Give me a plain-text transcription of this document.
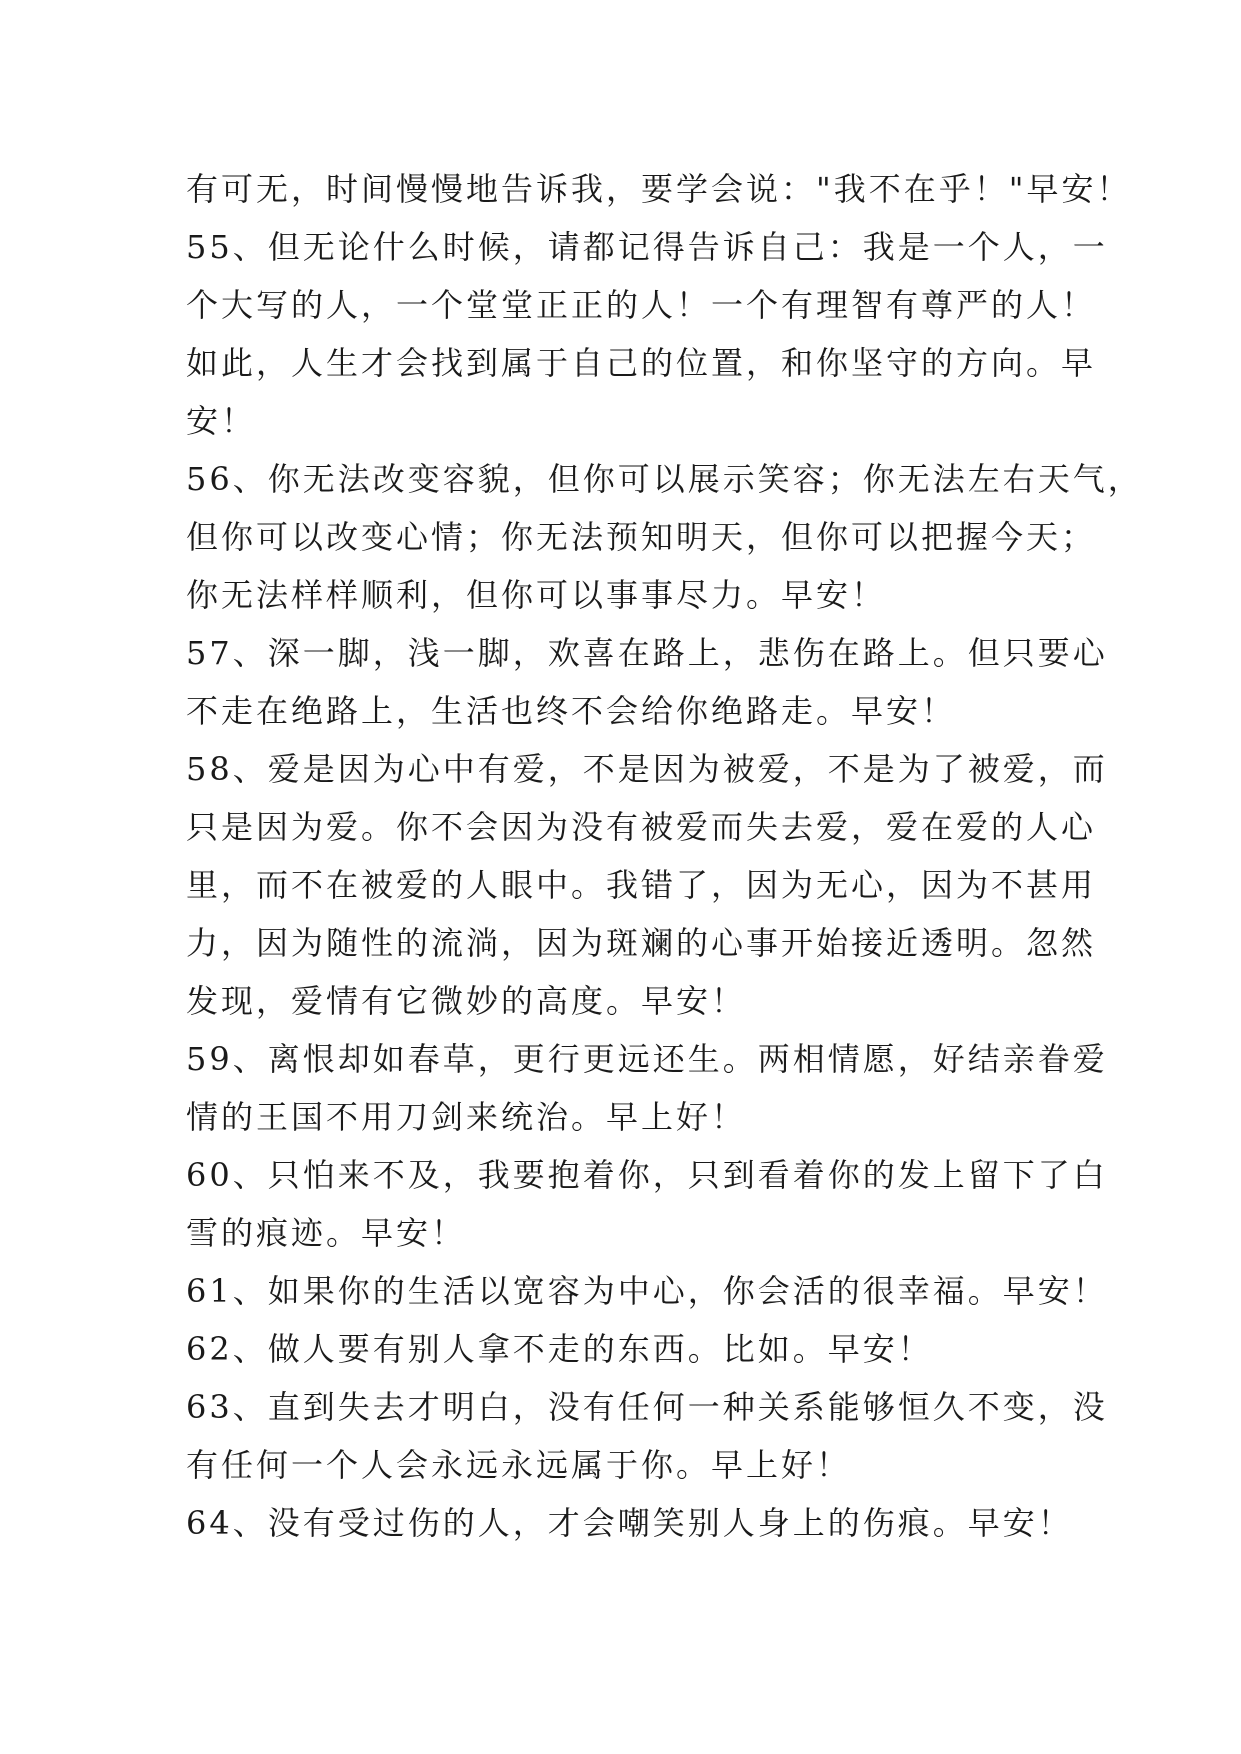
有可无，时间慢慢地告诉我，要学会说："我不在乎！"早安！
55、但无论什么时候，请都记得告诉自己：我是一个人，一
个大写的人，一个堂堂正正的人！一个有理智有尊严的人！
如此，人生才会找到属于自己的位置，和你坚守的方向。早
安！
56、你无法改变容貌，但你可以展示笑容；你无法左右天气，
但你可以改变心情；你无法预知明天，但你可以把握今天；
你无法样样顺利，但你可以事事尽力。早安！
57、深一脚，浅一脚，欢喜在路上，悲伤在路上。但只要心
不走在绝路上，生活也终不会给你绝路走。早安！
58、爱是因为心中有爱，不是因为被爱，不是为了被爱，而
只是因为爱。你不会因为没有被爱而失去爱，爱在爱的人心
里，而不在被爱的人眼中。我错了，因为无心，因为不甚用
力，因为随性的流淌，因为斑斓的心事开始接近透明。忽然
发现，爱情有它微妙的高度。早安！
59、离恨却如春草，更行更远还生。两相情愿，好结亲眷爱
情的王国不用刀剑来统治。早上好！
60、只怕来不及，我要抱着你，只到看着你的发上留下了白
雪的痕迹。早安！
61、如果你的生活以宽容为中心，你会活的很幸福。早安！
62、做人要有别人拿不走的东西。比如。早安！
63、直到失去才明白，没有任何一种关系能够恒久不变，没
有任何一个人会永远永远属于你。早上好！
64、没有受过伤的人，才会嘲笑别人身上的伤痕。早安！
